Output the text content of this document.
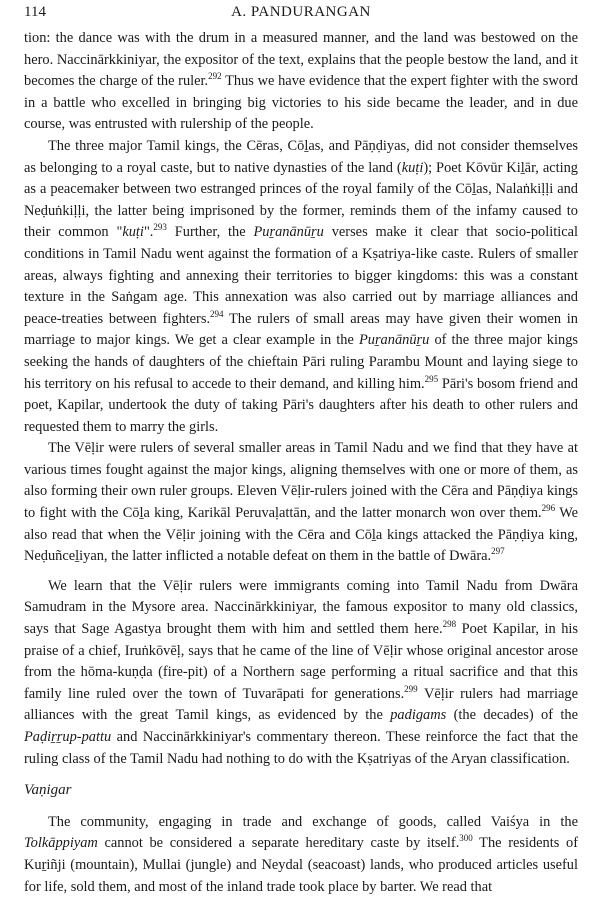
114	A. PANDURANGAN

tion: the dance was with the drum in a measured manner, and the land was bestowed on the hero. Naccinārkkiniyar, the expositor of the text, explains that the people bestow the land, and it becomes the charge of the ruler.$^{292}$ Thus we have evidence that the expert fighter with the sword in a battle who excelled in bringing big victories to his side became the leader, and in due course, was entrusted with rulership of the people.

The three major Tamil kings, the Cēras, Cōḻas, and Pāṇḍiyas, did not consider themselves as belonging to a royal caste, but to native dynasties of the land (kuṭi); Poet Kōvūr Kiḻār, acting as a peacemaker between two estranged princes of the royal family of the Cōḻas, Nalaṅkiḷḷi and Neḍuṅkiḷḷi, the latter being imprisoned by the former, reminds them of the infamy caused to their common "kuṭi".$^{293}$ Further, the Puṟanānūṟu verses make it clear that socio-political conditions in Tamil Nadu went against the formation of a Kṣatriya-like caste. Rulers of smaller areas, always fighting and annexing their territories to bigger kingdoms: this was a constant texture in the Saṅgam age. This annexation was also carried out by marriage alliances and peace-treaties between fighters.$^{294}$ The rulers of small areas may have given their women in marriage to major kings. We get a clear example in the Puṟanānūṟu of the three major kings seeking the hands of daughters of the chieftain Pāri ruling Parambu Mount and laying siege to his territory on his refusal to accede to their demand, and killing him.$^{295}$ Pāri's bosom friend and poet, Kapilar, undertook the duty of taking Pāri's daughters after his death to other rulers and requested them to marry the girls.

The Vēḷir were rulers of several smaller areas in Tamil Nadu and we find that they have at various times fought against the major kings, aligning themselves with one or more of them, as also forming their own ruler groups. Eleven Vēḷir-rulers joined with the Cēra and Pāṇḍiya kings to fight with the Cōḻa king, Karikāl Peruvaḷattān, and the latter monarch won over them.$^{296}$ We also read that when the Vēḷir joining with the Cēra and Cōḻa kings attacked the Pāṇḍiya king, Neḍuñceḻiyan, the latter inflicted a notable defeat on them in the battle of Dwāra.$^{297}$

We learn that the Vēḷir rulers were immigrants coming into Tamil Nadu from Dwāra Samudram in the Mysore area. Naccinārkkiniyar, the famous expositor to many old classics, says that Sage Agastya brought them with him and settled them here.$^{298}$ Poet Kapilar, in his praise of a chief, Iruṅkōvēḷ, says that he came of the line of Vēḷir whose original ancestor arose from the hōma-kuṇḍa (fire-pit) of a Northern sage performing a ritual sacrifice and that this family line ruled over the town of Tuvarāpati for generations.$^{299}$ Vēḷir rulers had marriage alliances with the great Tamil kings, as evidenced by the padigams (the decades) of the Paḍiṟṟup-pattu and Naccinārkkiniyar's commentary thereon. These reinforce the fact that the ruling class of the Tamil Nadu had nothing to do with the Kṣatriyas of the Aryan classification.

Vaṇigar

The community, engaging in trade and exchange of goods, called Vaiśya in the Tolkāppiyam cannot be considered a separate hereditary caste by itself.$^{300}$ The residents of Kuṟiñji (mountain), Mullai (jungle) and Neydal (seacoast) lands, who produced articles useful for life, sold them, and most of the inland trade took place by barter. We read that
